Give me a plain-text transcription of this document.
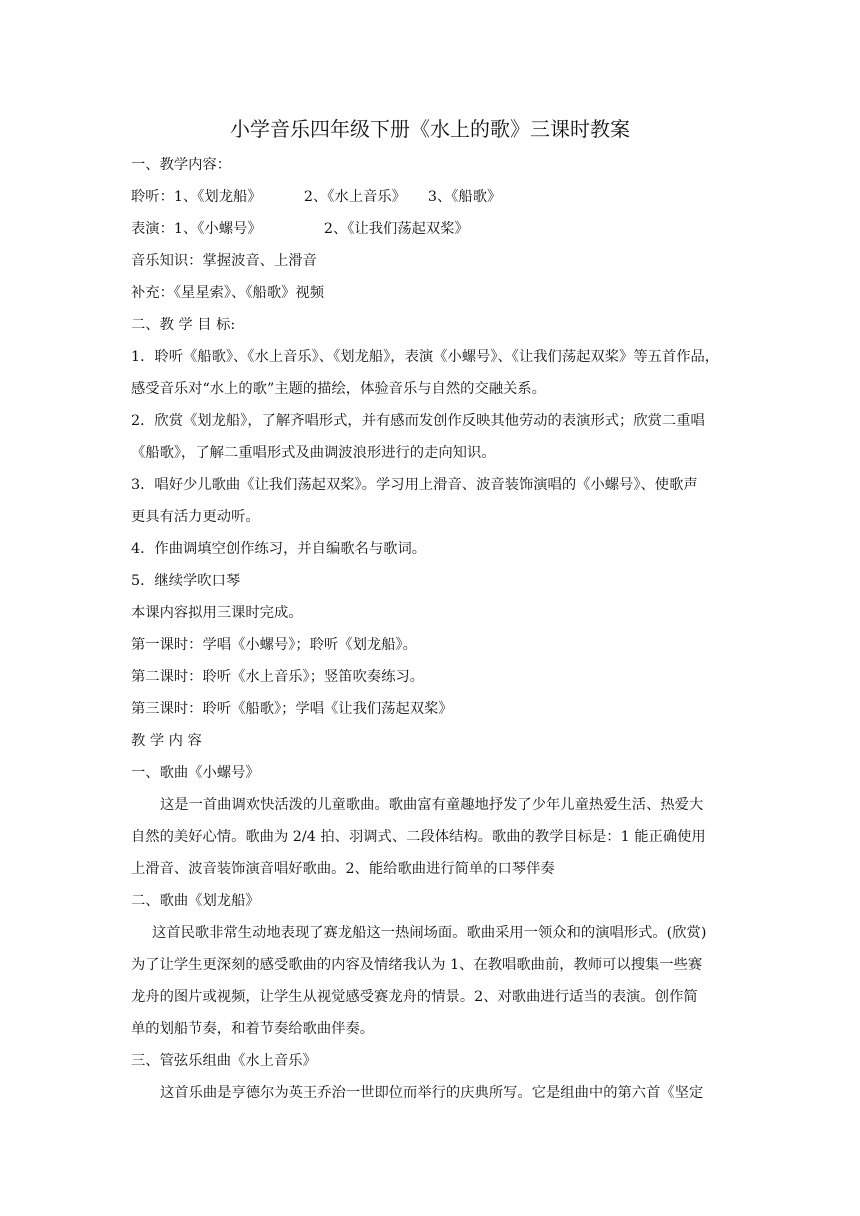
小学音乐四年级下册《水上的歌》三课时教案
一、教学内容：
聆听：1、《划龙船》	2、《水上音乐》 3、《船歌》
表演：1、《小螺号》	2、《让我们荡起双桨》
音乐知识：掌握波音、上滑音
补充：《星星索》、《船歌》视频
二、教 学 目 标:
1．聆听《船歌》、《水上音乐》、《划龙船》，表演《小螺号》、《让我们荡起双桨》等五首作品，
感受音乐对“水上的歌”主题的描绘，体验音乐与自然的交融关系。
2．欣赏《划龙船》，了解齐唱形式，并有感而发创作反映其他劳动的表演形式；欣赏二重唱
《船歌》，了解二重唱形式及曲调波浪形进行的走向知识。
3．唱好少儿歌曲《让我们荡起双桨》。学习用上滑音、波音装饰演唱的《小螺号》、使歌声
更具有活力更动听。
4．作曲调填空创作练习，并自编歌名与歌词。
5．继续学吹口琴
本课内容拟用三课时完成。
第一课时：学唱《小螺号》；聆听《划龙船》。
第二课时：聆听《水上音乐》；竖笛吹奏练习。
第三课时：聆听《船歌》；学唱《让我们荡起双桨》
教 学 内 容
一、歌曲《小螺号》
这是一首曲调欢快活泼的儿童歌曲。歌曲富有童趣地抒发了少年儿童热爱生活、热爱大
自然的美好心情。歌曲为 2/4 拍、羽调式、二段体结构。歌曲的教学目标是：1 能正确使用
上滑音、波音装饰演音唱好歌曲。2、能给歌曲进行简单的口琴伴奏
二、歌曲《划龙船》
这首民歌非常生动地表现了赛龙船这一热闹场面。歌曲采用一领众和的演唱形式。(欣赏)
为了让学生更深刻的感受歌曲的内容及情绪我认为 1、在教唱歌曲前，教师可以搜集一些赛
龙舟的图片或视频，让学生从视觉感受赛龙舟的情景。2、对歌曲进行适当的表演。创作简
单的划船节奏，和着节奏给歌曲伴奏。
三、管弦乐组曲《水上音乐》
这首乐曲是亨德尔为英王乔治一世即位而举行的庆典所写。它是组曲中的第六首《坚定
